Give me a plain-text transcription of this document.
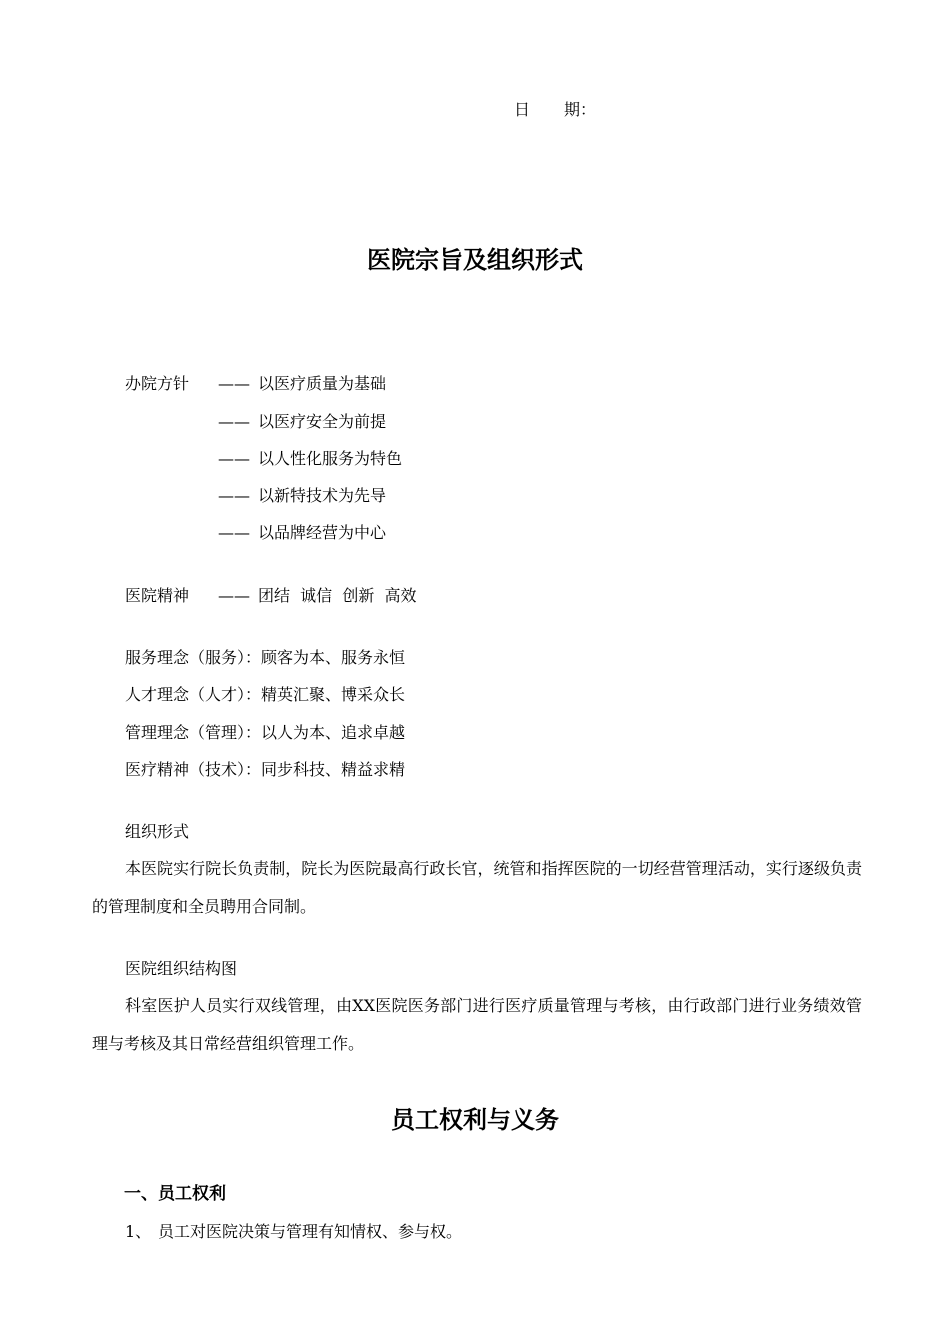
日 期：
医院宗旨及组织形式
办院方针 —— 以医疗质量为基础
—— 以医疗安全为前提
—— 以人性化服务为特色
—— 以新特技术为先导
—— 以品牌经营为中心
医院精神 —— 团结  诚信  创新  高效
服务理念（服务）：顾客为本、服务永恒
人才理念（人才）：精英汇聚、博采众长
管理理念（管理）：以人为本、追求卓越
医疗精神（技术）：同步科技、精益求精
组织形式
本医院实行院长负责制，院长为医院最高行政长官，统管和指挥医院的一切经营管理活动，实行逐级负责的管理制度和全员聘用合同制。
医院组织结构图
科室医护人员实行双线管理，由XX医院医务部门进行医疗质量管理与考核，由行政部门进行业务绩效管理与考核及其日常经营组织管理工作。
员工权利与义务
一、员工权利
1、 员工对医院决策与管理有知情权、参与权。
